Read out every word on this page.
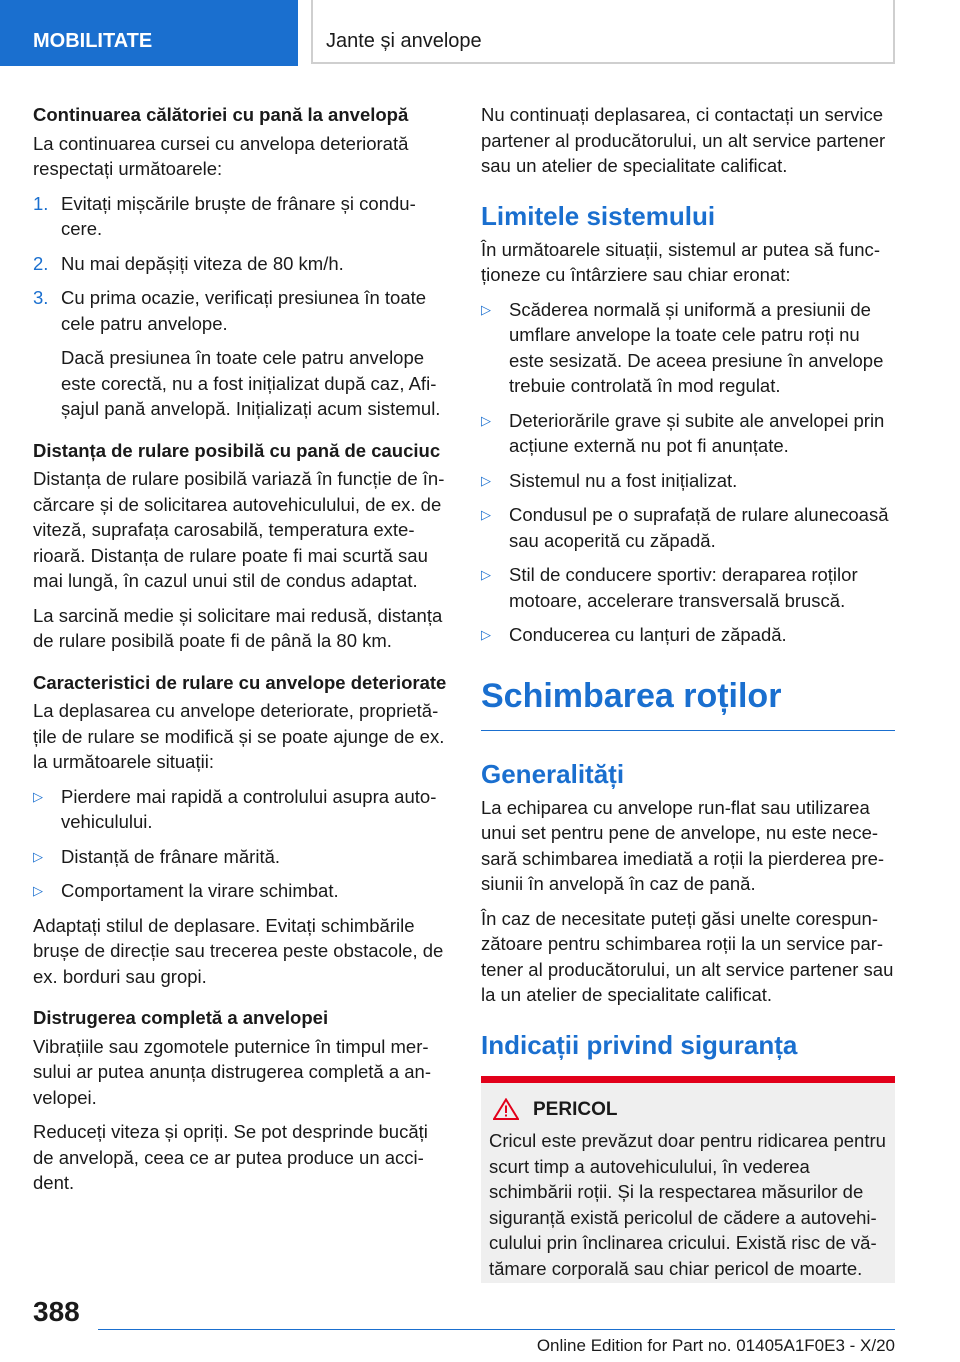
MOBILITATE	Jante și anvelope
Continuarea călătoriei cu pană la anvelopă

La continuarea cursei cu anvelopa deteriorată respectați următoarele:

1. Evitați mișcările bruște de frânare și conducere.
2. Nu mai depășiți viteza de 80 km/h.
3. Cu prima ocazie, verificați presiunea în toate cele patru anvelope.
Dacă presiunea în toate cele patru anvelope este corectă, nu a fost inițializat după caz, Afișajul pană anvelopă. Inițializați acum sistemul.
Distanța de rulare posibilă cu pană de cauciuc

Distanța de rulare posibilă variază în funcție de încărcare și de solicitarea autovehiculului, de ex. de viteză, suprafața carosabilă, temperatura exterioară. Distanța de rulare poate fi mai scurtă sau mai lungă, în cazul unui stil de condus adaptat.

La sarcină medie și solicitare mai redusă, distanța de rulare posibilă poate fi de până la 80 km.

Caracteristici de rulare cu anvelope deteriorate

La deplasarea cu anvelope deteriorate, proprietățile de rulare se modifică și se poate ajunge de ex. la următoarele situații:

▷ Pierdere mai rapidă a controlului asupra autovehiculului.
▷ Distanță de frânare mărită.
▷ Comportament la virare schimbat.

Adaptați stilul de deplasare. Evitați schimbările brușe de direcție sau trecerea peste obstacole, de ex. borduri sau gropi.

Distrugerea completă a anvelopei

Vibrațiile sau zgomotele puternice în timpul mersului ar putea anunța distrugerea completă a anvelopei.

Reduceți viteza și opriți. Se pot desprinde bucăți de anvelopă, ceea ce ar putea produce un accident.

Nu continuați deplasarea, ci contactați un service partener al producătorului, un alt service partener sau un atelier de specialitate calificat.

Limitele sistemului

În următoarele situații, sistemul ar putea să funcționeze cu întârziere sau chiar eronat:

▷ Scăderea normală și uniformă a presiunii de umflare anvelope la toate cele patru roți nu este sesizată. De aceea presiune în anvelope trebuie controlată în mod regulat.
▷ Deteriorările grave și subite ale anvelopei prin acțiune externă nu pot fi anunțate.
▷ Sistemul nu a fost inițializat.
▷ Condusul pe o suprafață de rulare alunecoasă sau acoperită cu zăpadă.
▷ Stil de conducere sportiv: deraparea roților motoare, accelerare transversală bruscă.
▷ Conducerea cu lanțuri de zăpadă.
Schimbarea roților
Generalități

La echiparea cu anvelope run-flat sau utilizarea unui set pentru pene de anvelope, nu este necesară schimbarea imediată a roții la pierderea presiunii în anvelopă în caz de pană.

În caz de necesitate puteți găsi unelte corespunzătoare pentru schimbarea roții la un service partener al producătorului, un alt service partener sau la un atelier de specialitate calificat.

Indicații privind siguranța
PERICOL

Cricul este prevăzut doar pentru ridicarea pentru scurt timp a autovehiculului, în vederea schimbării roții. Și la respectarea măsurilor de siguranță există pericolul de cădere a autovehiculului prin înclinarea cricului. Există risc de vătămare corporală sau chiar pericol de moarte.

388
Online Edition for Part no. 01405A1F0E3 - X/20
